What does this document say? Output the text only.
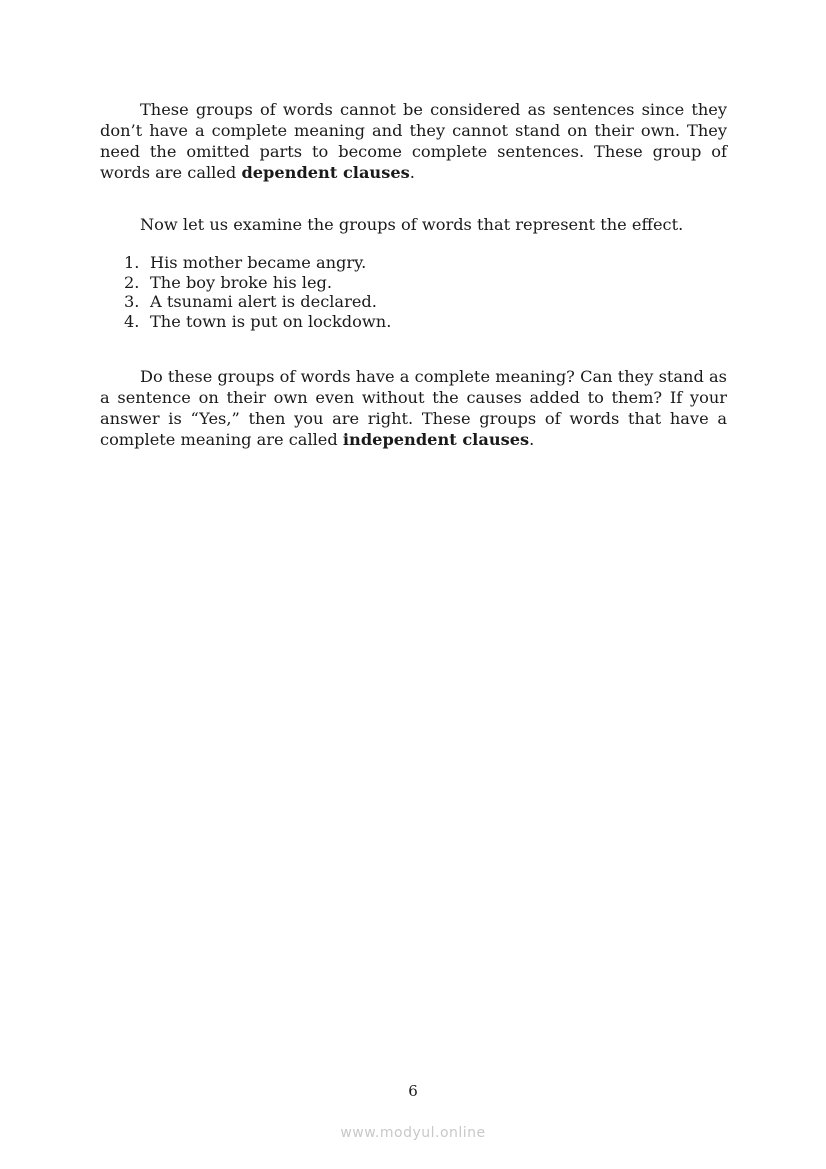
These groups of words cannot be considered as sentences since they don’t have a complete meaning and they cannot stand on their own. They need the omitted parts to become complete sentences. These group of words are called dependent clauses.

Now let us examine the groups of words that represent the effect.

1. His mother became angry.
2. The boy broke his leg.
3. A tsunami alert is declared.
4. The town is put on lockdown.

Do these groups of words have a complete meaning? Can they stand as a sentence on their own even without the causes added to them? If your answer is “Yes,” then you are right. These groups of words that have a complete meaning are called independent clauses.

6
www.modyul.online
